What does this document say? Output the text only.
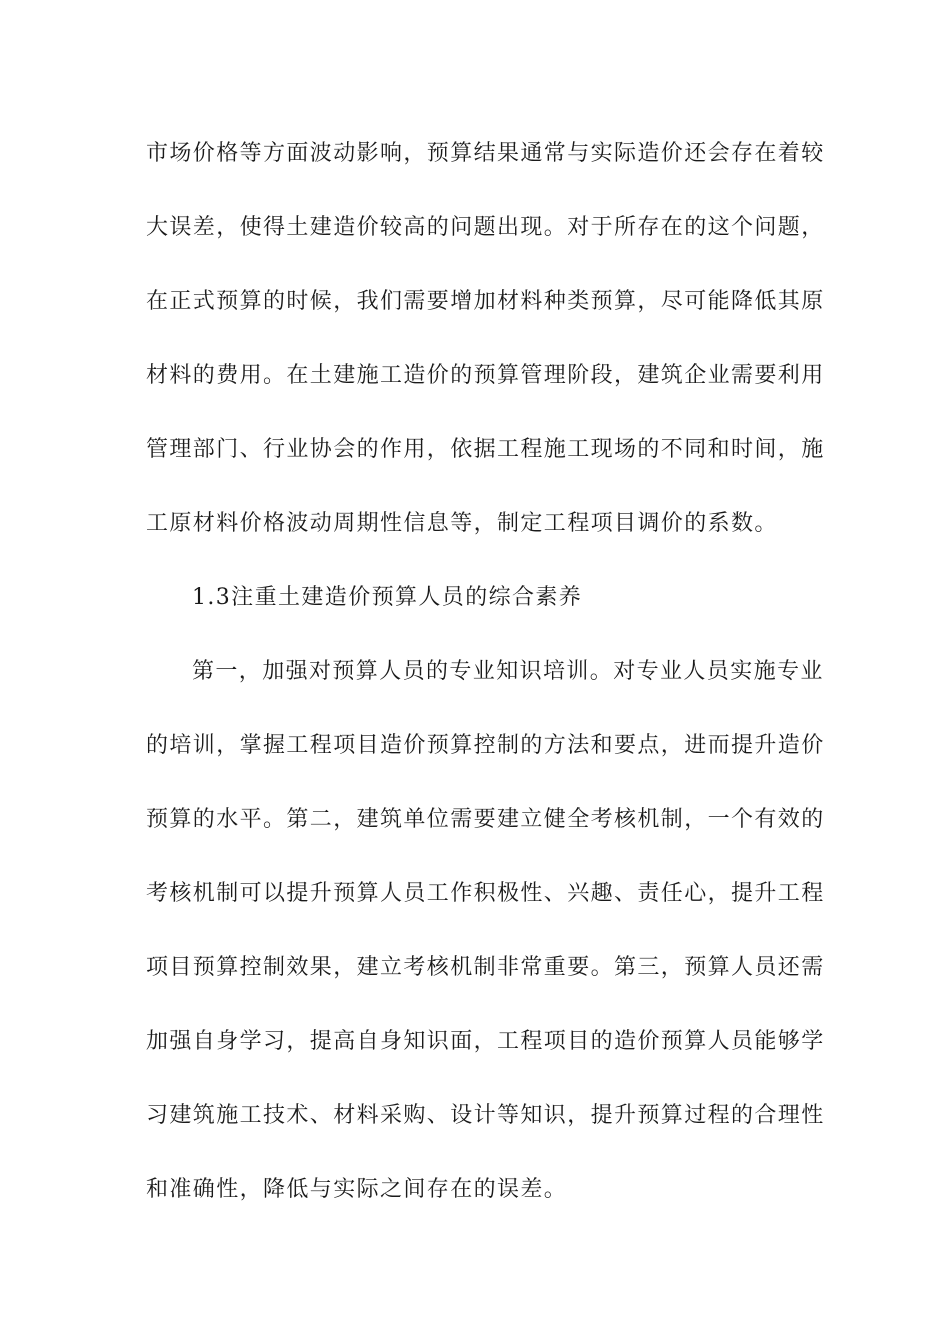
市场价格等方面波动影响，预算结果通常与实际造价还会存在着较
大误差，使得土建造价较高的问题出现。对于所存在的这个问题，
在正式预算的时候，我们需要增加材料种类预算，尽可能降低其原
材料的费用。在土建施工造价的预算管理阶段，建筑企业需要利用
管理部门、行业协会的作用，依据工程施工现场的不同和时间，施
工原材料价格波动周期性信息等，制定工程项目调价的系数。
1.3注重土建造价预算人员的综合素养
第一，加强对预算人员的专业知识培训。对专业人员实施专业
的培训，掌握工程项目造价预算控制的方法和要点，进而提升造价
预算的水平。第二，建筑单位需要建立健全考核机制，一个有效的
考核机制可以提升预算人员工作积极性、兴趣、责任心，提升工程
项目预算控制效果，建立考核机制非常重要。第三，预算人员还需
加强自身学习，提高自身知识面，工程项目的造价预算人员能够学
习建筑施工技术、材料采购、设计等知识，提升预算过程的合理性
和准确性，降低与实际之间存在的误差。
